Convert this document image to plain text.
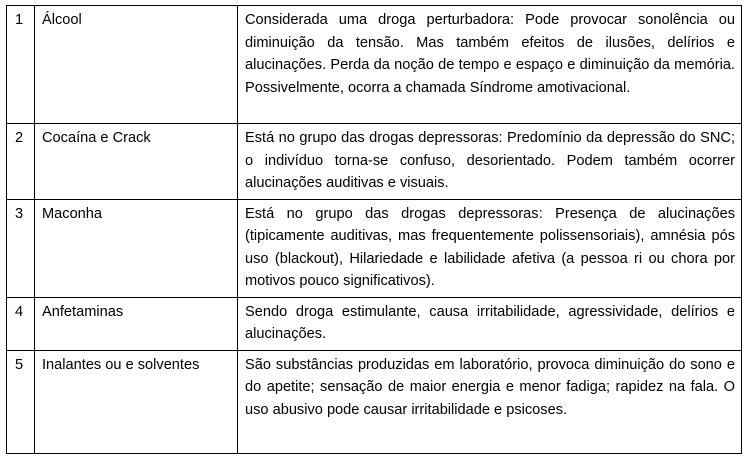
1	Álcool	Considerada uma droga perturbadora: Pode provocar sonolência ou diminuição da tensão. Mas também efeitos de ilusões, delírios e alucinações. Perda da noção de tempo e espaço e diminuição da memória. Possivelmente, ocorra a chamada Síndrome amotivacional.

2	Cocaína e Crack	Está no grupo das drogas depressoras: Predomínio da depressão do SNC; o indivíduo torna-se confuso, desorientado. Podem também ocorrer alucinações auditivas e visuais.

3	Maconha	Está no grupo das drogas depressoras: Presença de alucinações (tipicamente auditivas, mas frequentemente polissensoriais), amnésia pós uso (blackout), Hilariedade e labilidade afetiva (a pessoa ri ou chora por motivos pouco significativos).

4	Anfetaminas	Sendo droga estimulante, causa irritabilidade, agressividade, delírios e alucinações.

5	Inalantes ou e solventes	São substâncias produzidas em laboratório, provoca diminuição do sono e do apetite; sensação de maior energia e menor fadiga; rapidez na fala. O uso abusivo pode causar irritabilidade e psicoses.
